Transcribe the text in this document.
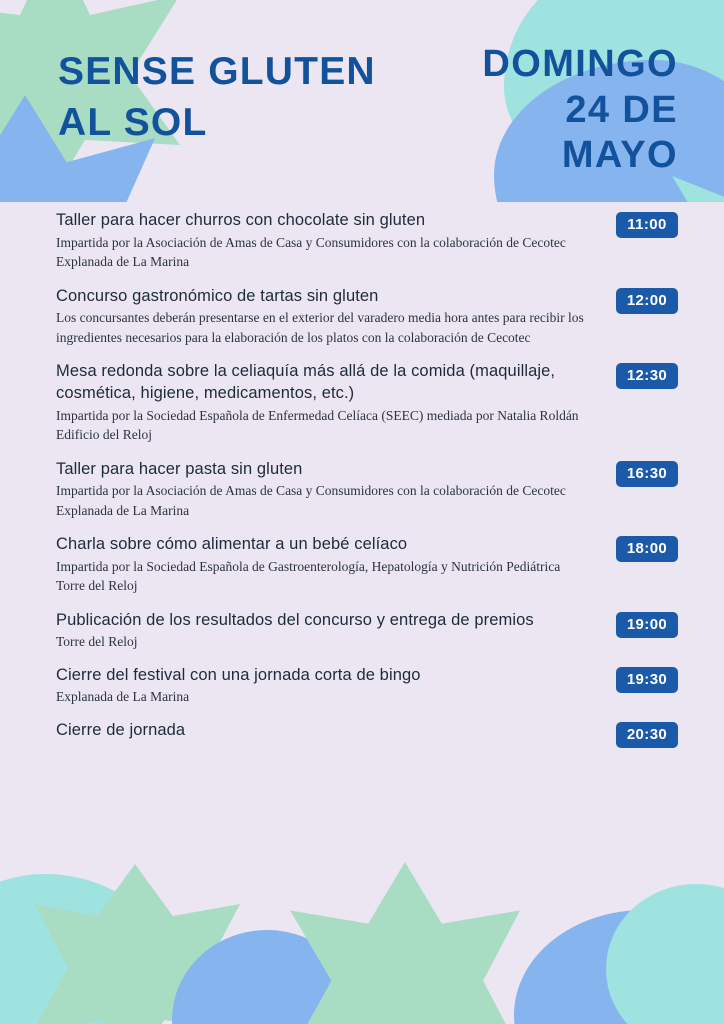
SENSE GLUTEN
AL SOL
DOMINGO
24 DE
MAYO
Taller para hacer churros con chocolate sin gluten
Impartida por la Asociación de Amas de Casa y Consumidores con la colaboración de Cecotec
Explanada de La Marina
11:00
Concurso gastronómico de tartas sin gluten
Los concursantes deberán presentarse en el exterior del varadero media hora antes para recibir los ingredientes necesarios para la elaboración de los platos con la colaboración de Cecotec
12:00
Mesa redonda sobre la celiaquía más allá de la comida (maquillaje, cosmética, higiene, medicamentos, etc.)
Impartida por la Sociedad Española de Enfermedad Celíaca (SEEC) mediada por Natalia Roldán
Edificio del Reloj
12:30
Taller para hacer pasta sin gluten
Impartida por la Asociación de Amas de Casa y Consumidores con la colaboración de Cecotec
Explanada de La Marina
16:30
Charla sobre cómo alimentar a un bebé celíaco
Impartida por la Sociedad Española de Gastroenterología, Hepatología y Nutrición Pediátrica
Torre del Reloj
18:00
Publicación de los resultados del concurso y entrega de premios
Torre del Reloj
19:00
Cierre del festival con una jornada corta de bingo
Explanada de La Marina
19:30
Cierre de jornada	20:30
